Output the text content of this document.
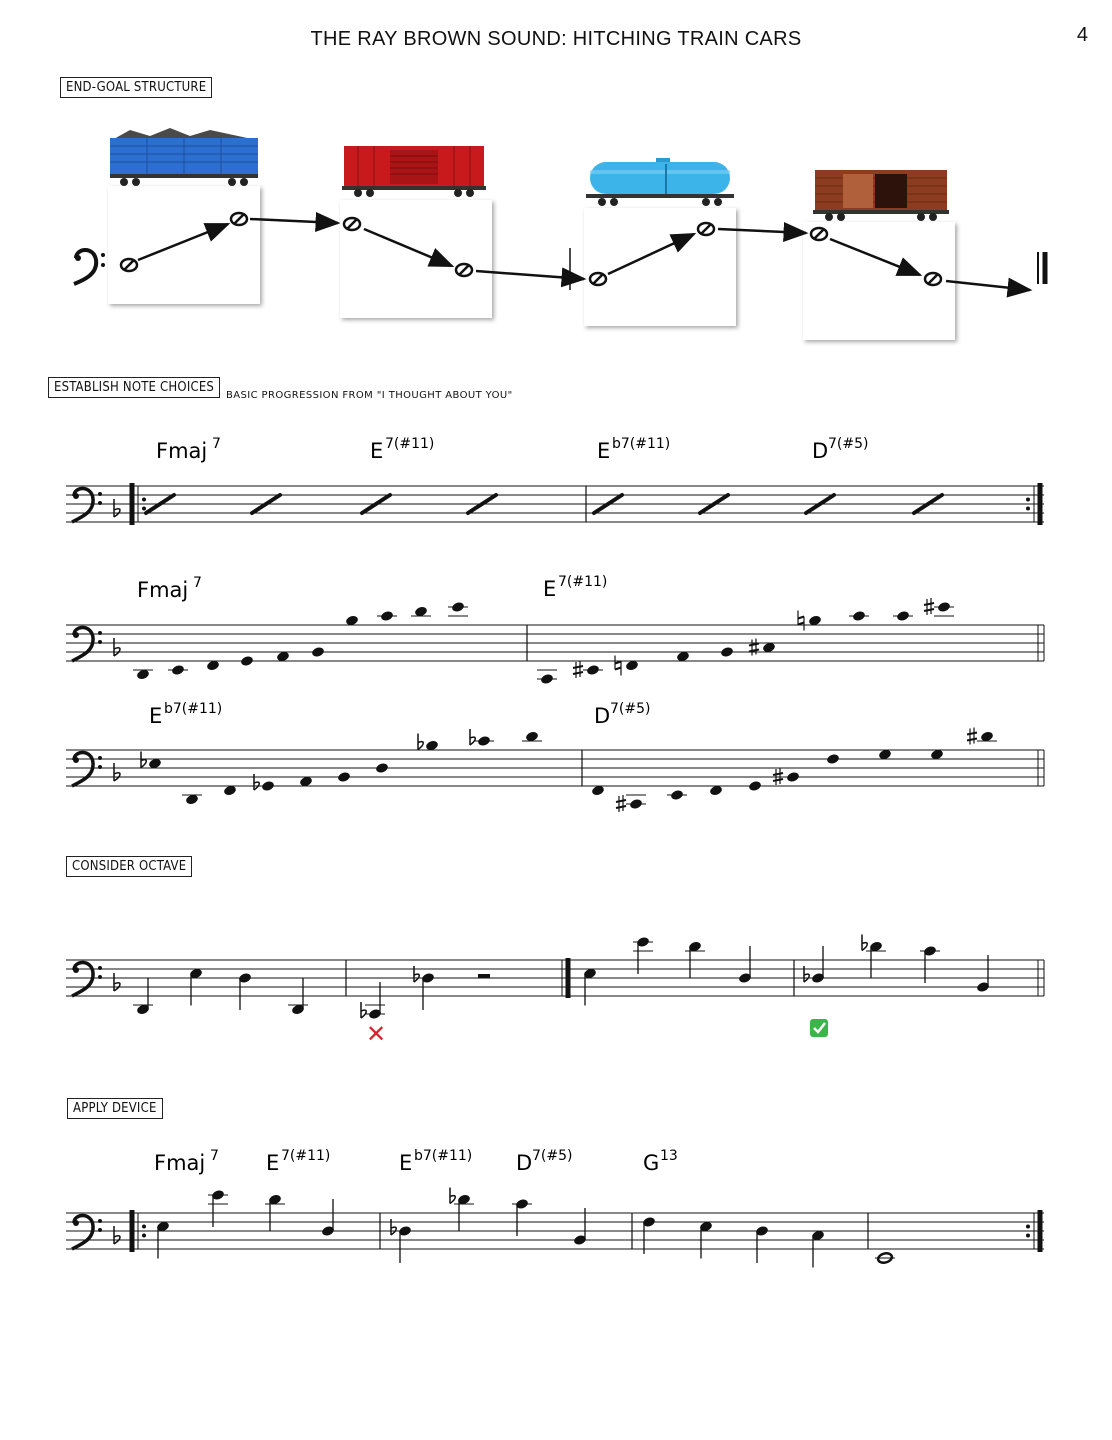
THE RAY BROWN SOUND: HITCHING TRAIN CARS	4
END-GOAL STRUCTURE
ESTABLISH NOTE CHOICES
BASIC PROGRESSION FROM "I THOUGHT ABOUT YOU"
CONSIDER OCTAVE
APPLY DEVICE
Fmaj 7	E 7(#11)	E b7(#11)	D 7(#5)
Fmaj 7	E 7(#11)
E b7(#11)	D 7(#5)
Fmaj 7 E 7(#11)	E b7(#11) D 7(#5)	G 13
✕
